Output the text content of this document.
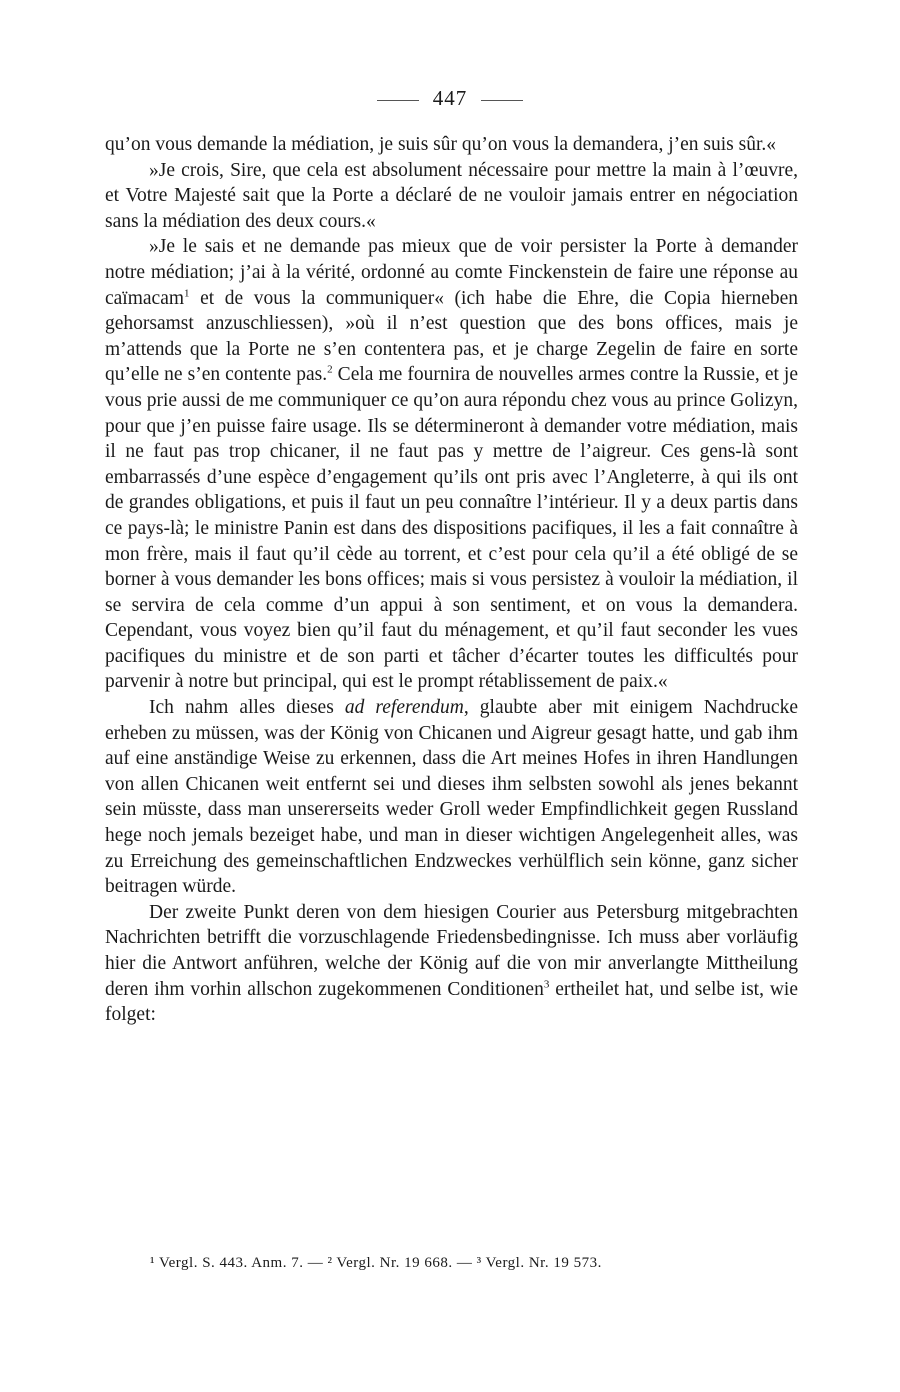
447

qu’on vous demande la médiation, je suis sûr qu’on vous la demandera, j’en suis sûr.«

»Je crois, Sire, que cela est absolument nécessaire pour mettre la main à l’œuvre, et Votre Majesté sait que la Porte a déclaré de ne vouloir jamais entrer en négociation sans la médiation des deux cours.«

»Je le sais et ne demande pas mieux que de voir persister la Porte à demander notre médiation; j’ai à la vérité, ordonné au comte Finckenstein de faire une réponse au caïmacam$^1$ et de vous la communiquer« (ich habe die Ehre, die Copia hierneben gehorsamst anzuschliessen), »où il n’est question que des bons offices, mais je m’attends que la Porte ne s’en contentera pas, et je charge Zegelin de faire en sorte qu’elle ne s’en contente pas.$^2$ Cela me fournira de nouvelles armes contre la Russie, et je vous prie aussi de me communiquer ce qu’on aura répondu chez vous au prince Golizyn, pour que j’en puisse faire usage. Ils se détermineront à demander votre médiation, mais il ne faut pas trop chicaner, il ne faut pas y mettre de l’aigreur. Ces gens-là sont embarrassés d’une espèce d’engagement qu’ils ont pris avec l’Angleterre, à qui ils ont de grandes obligations, et puis il faut un peu connaître l’intérieur. Il y a deux partis dans ce pays-là; le ministre Panin est dans des dispositions pacifiques, il les a fait connaître à mon frère, mais il faut qu’il cède au torrent, et c’est pour cela qu’il a été obligé de se borner à vous demander les bons offices; mais si vous persistez à vouloir la médiation, il se servira de cela comme d’un appui à son sentiment, et on vous la demandera. Cependant, vous voyez bien qu’il faut du ménagement, et qu’il faut seconder les vues pacifiques du ministre et de son parti et tâcher d’écarter toutes les difficultés pour parvenir à notre but principal, qui est le prompt rétablissement de paix.«

Ich nahm alles dieses ad referendum, glaubte aber mit einigem Nachdrucke erheben zu müssen, was der König von Chicanen und Aigreur gesagt hatte, und gab ihm auf eine anständige Weise zu erkennen, dass die Art meines Hofes in ihren Handlungen von allen Chicanen weit entfernt sei und dieses ihm selbsten sowohl als jenes bekannt sein müsste, dass man unsererseits weder Groll weder Empfindlichkeit gegen Russland hege noch jemals bezeiget habe, und man in dieser wichtigen Angelegenheit alles, was zu Erreichung des gemeinschaftlichen Endzweckes verhülflich sein könne, ganz sicher beitragen würde.

Der zweite Punkt deren von dem hiesigen Courier aus Petersburg mitgebrachten Nachrichten betrifft die vorzuschlagende Friedensbedingnisse. Ich muss aber vorläufig hier die Antwort anführen, welche der König auf die von mir anverlangte Mittheilung deren ihm vorhin allschon zugekommenen Conditionen$^3$ ertheilet hat, und selbe ist, wie folget:

¹ Vergl. S. 443. Anm. 7. — ² Vergl. Nr. 19 668. — ³ Vergl. Nr. 19 573.
